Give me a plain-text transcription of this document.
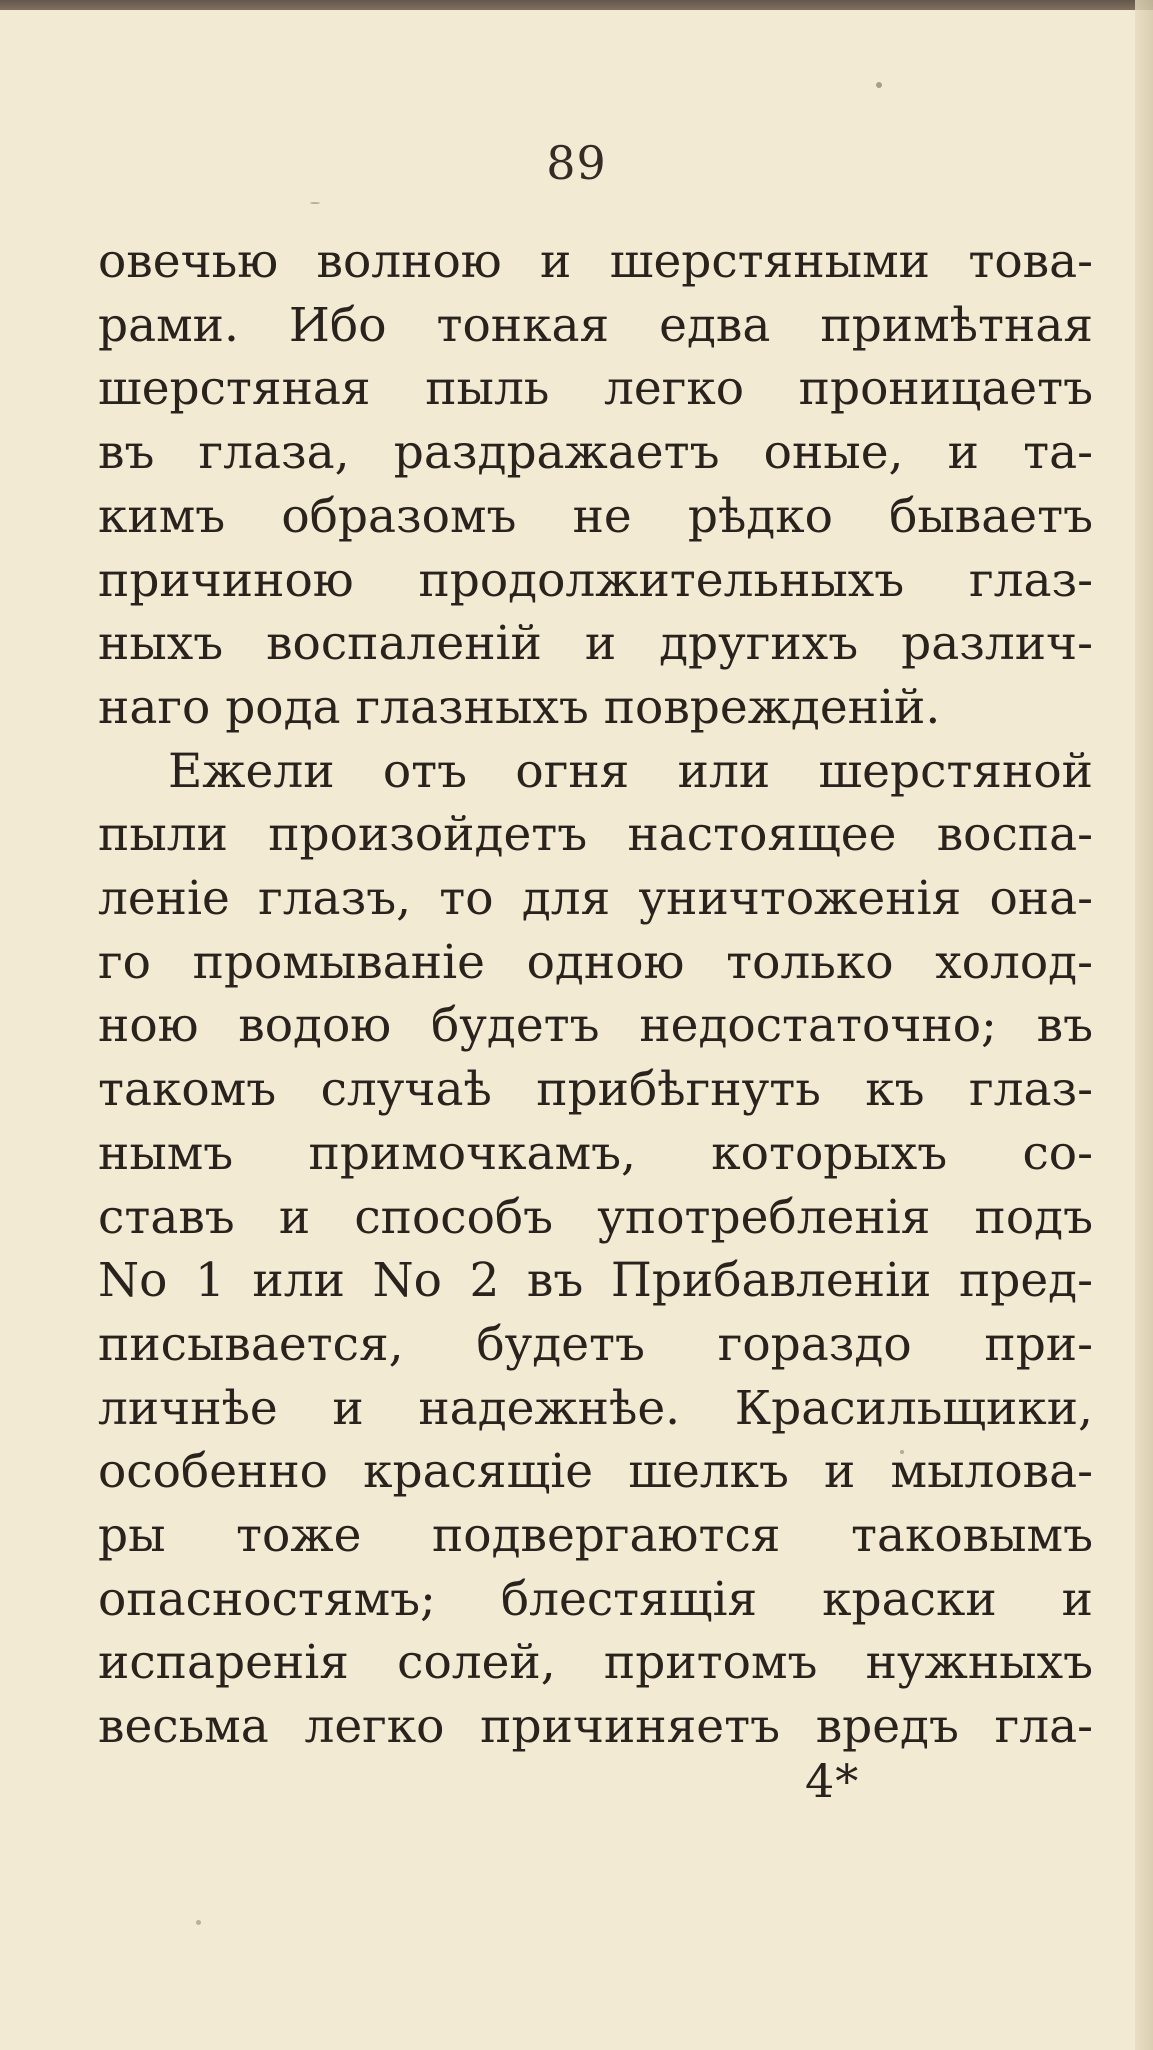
89
овечью волною и шерстяными това-
рами. Ибо тонкая едва примѣтная
шерстяная пыль легко проницаетъ
въ глаза, раздражаетъ оные, и та-
кимъ образомъ не рѣдко бываетъ
причиною продолжительныхъ глаз-
ныхъ воспаленій и другихъ различ-
наго рода глазныхъ поврежденій.
Ежели отъ огня или шерстяной
пыли произойдетъ настоящее воспа-
леніе глазъ, то для уничтоженія она-
го промываніе одною только холод-
ною водою будетъ недостаточно; въ
такомъ случаѣ прибѣгнуть къ глаз-
нымъ примочкамъ, которыхъ со-
ставъ и способъ употребленія подъ
No 1 или No 2 въ Прибавленіи пред-
писывается, будетъ гораздо при-
личнѣе и надежнѣе. Красильщики,
особенно красящіе шелкъ и мылова-
ры тоже подвергаются таковымъ
опасностямъ; блестящія краски и
испаренія солей, притомъ нужныхъ
весьма легко причиняетъ вредъ гла-
4*
